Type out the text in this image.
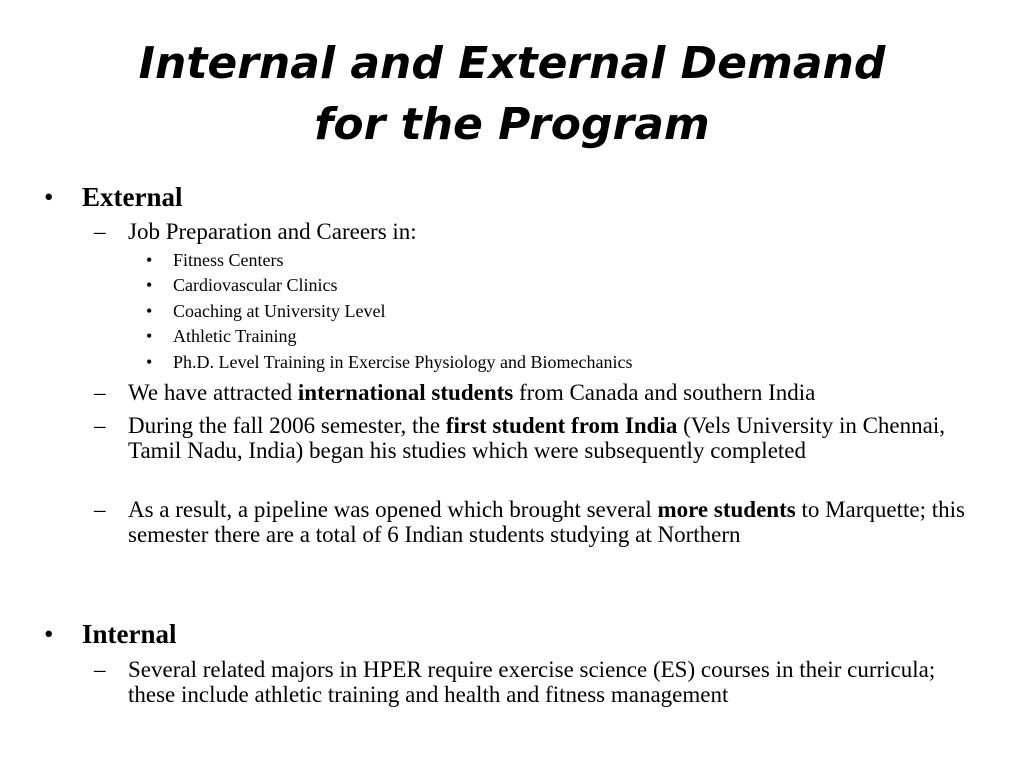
Internal and External Demand
for the Program
• External
– Job Preparation and Careers in:
• Fitness Centers
• Cardiovascular Clinics
• Coaching at University Level
• Athletic Training
• Ph.D. Level Training in Exercise Physiology and Biomechanics
– We have attracted international students from Canada and southern India
– During the fall 2006 semester, the first student from India (Vels University in Chennai, Tamil Nadu, India) began his studies which were subsequently completed
– As a result, a pipeline was opened which brought several more students to Marquette; this semester there are a total of 6 Indian students studying at Northern
• Internal
– Several related majors in HPER require exercise science (ES) courses in their curricula; these include athletic training and health and fitness management
